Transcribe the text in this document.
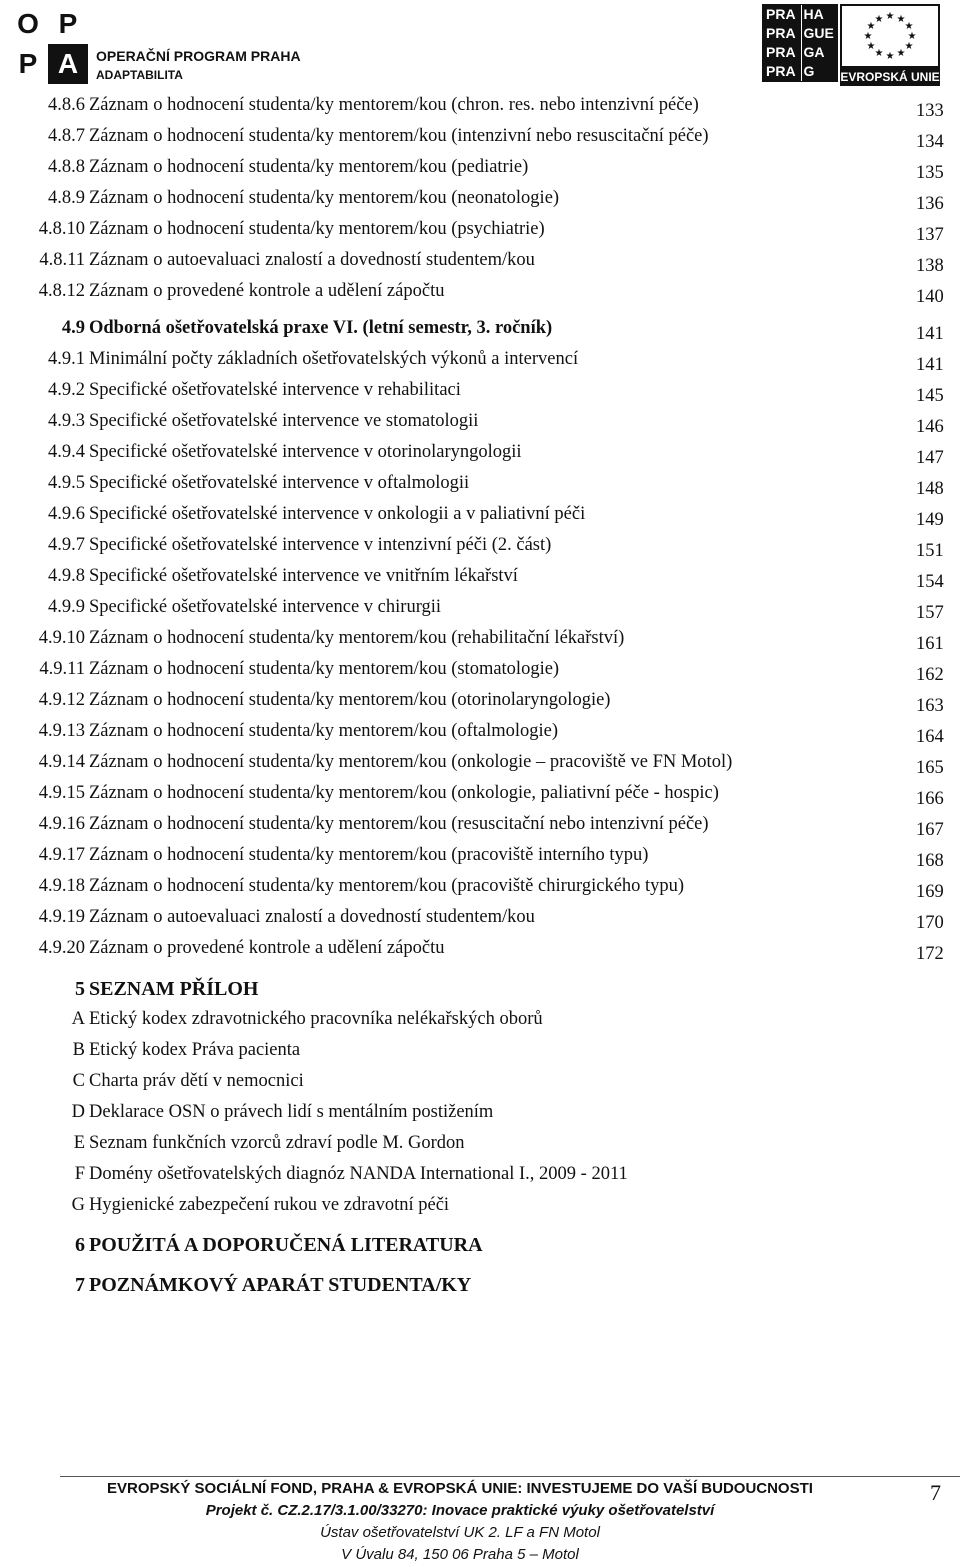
O P
P A	OPERAČNÍ PROGRAM PRAHA
ADAPTABILITA
PRA HA
PRA GUE
PRA GA
PRA G
★ ★
★
★
★
★
★
★
★
★
★
★
EVROPSKÁ UNIE
4.8.6 Záznam o hodnocení studenta/ky mentorem/kou (chron. res. nebo intenzivní péče)	133
4.8.7 Záznam o hodnocení studenta/ky mentorem/kou (intenzivní nebo resuscitační péče)	134
4.8.8 Záznam o hodnocení studenta/ky mentorem/kou (pediatrie)	135
4.8.9 Záznam o hodnocení studenta/ky mentorem/kou (neonatologie)	136
4.8.10 Záznam o hodnocení studenta/ky mentorem/kou (psychiatrie)	137
4.8.11 Záznam o autoevaluaci znalostí a dovedností studentem/kou	138
4.8.12 Záznam o provedené kontrole a udělení zápočtu	140
4.9 Odborná ošetřovatelská praxe VI. (letní semestr, 3. ročník)	141
4.9.1 Minimální počty základních ošetřovatelských výkonů a intervencí	141
4.9.2 Specifické ošetřovatelské intervence v rehabilitaci	145
4.9.3 Specifické ošetřovatelské intervence ve stomatologii	146
4.9.4 Specifické ošetřovatelské intervence v otorinolaryngologii	147
4.9.5 Specifické ošetřovatelské intervence v oftalmologii	148
4.9.6 Specifické ošetřovatelské intervence v onkologii a v paliativní péči	149
4.9.7 Specifické ošetřovatelské intervence v intenzivní péči (2. část)	151
4.9.8 Specifické ošetřovatelské intervence ve vnitřním lékařství	154
4.9.9 Specifické ošetřovatelské intervence v chirurgii	157
4.9.10 Záznam o hodnocení studenta/ky mentorem/kou (rehabilitační lékařství)	161
4.9.11 Záznam o hodnocení studenta/ky mentorem/kou (stomatologie)	162
4.9.12 Záznam o hodnocení studenta/ky mentorem/kou (otorinolaryngologie)	163
4.9.13 Záznam o hodnocení studenta/ky mentorem/kou (oftalmologie)	164
4.9.14 Záznam o hodnocení studenta/ky mentorem/kou (onkologie – pracoviště ve FN Motol)	165
4.9.15 Záznam o hodnocení studenta/ky mentorem/kou (onkologie, paliativní péče - hospic)	166
4.9.16 Záznam o hodnocení studenta/ky mentorem/kou (resuscitační nebo intenzivní péče)	167
4.9.17 Záznam o hodnocení studenta/ky mentorem/kou (pracoviště interního typu)	168
4.9.18 Záznam o hodnocení studenta/ky mentorem/kou (pracoviště chirurgického typu)	169
4.9.19 Záznam o autoevaluaci znalostí a dovedností studentem/kou	170
4.9.20 Záznam o provedené kontrole a udělení zápočtu	172
5 SEZNAM PŘÍLOH
A Etický kodex zdravotnického pracovníka nelékařských oborů
B Etický kodex Práva pacienta
C Charta práv dětí v nemocnici
D Deklarace OSN o právech lidí s mentálním postižením
E Seznam funkčních vzorců zdraví podle M. Gordon
F Domény ošetřovatelských diagnóz NANDA International I., 2009 - 2011
G Hygienické zabezpečení rukou ve zdravotní péči
6 POUŽITÁ A DOPORUČENÁ LITERATURA
7 POZNÁMKOVÝ APARÁT STUDENTA/KY
EVROPSKÝ SOCIÁLNÍ FOND, PRAHA & EVROPSKÁ UNIE: INVESTUJEME DO VAŠÍ BUDOUCNOSTI
Projekt č. CZ.2.17/3.1.00/33270: Inovace praktické výuky ošetřovatelství
Ústav ošetřovatelství UK 2. LF a FN Motol
V Úvalu 84, 150 06 Praha 5 – Motol
7
